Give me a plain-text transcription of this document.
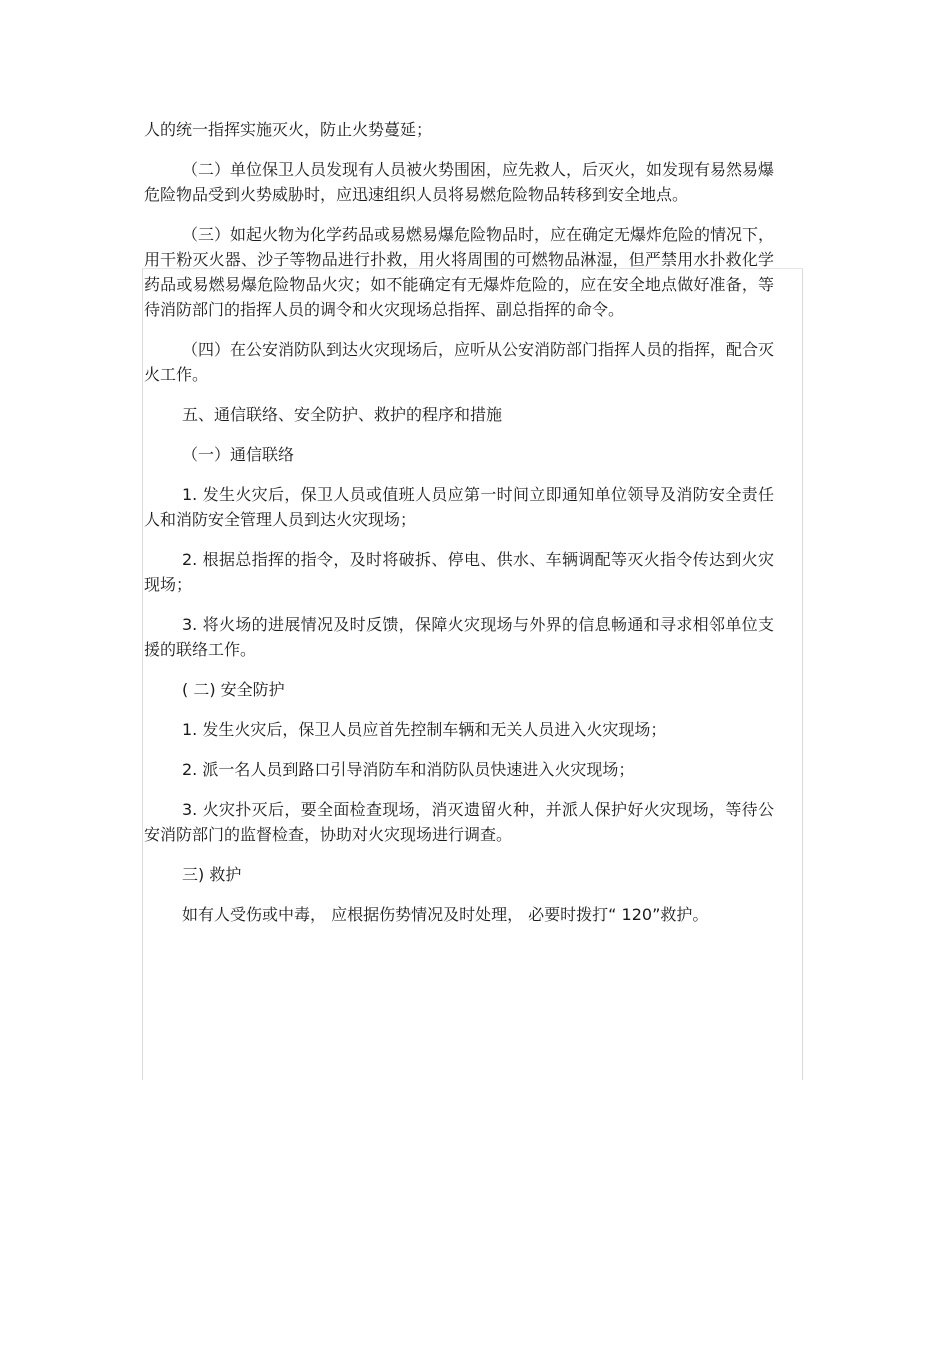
人的统一指挥实施灭火，防止火势蔓延；

（二）单位保卫人员发现有人员被火势围困，应先救人，后灭火，如发现有易然易爆危险物品受到火势威胁时，应迅速组织人员将易燃危险物品转移到安全地点。

（三）如起火物为化学药品或易燃易爆危险物品时，应在确定无爆炸危险的情况下，用干粉灭火器、沙子等物品进行扑救，用火将周围的可燃物品淋湿，但严禁用水扑救化学药品或易燃易爆危险物品火灾；如不能确定有无爆炸危险的，应在安全地点做好准备，等待消防部门的指挥人员的调令和火灾现场总指挥、副总指挥的命令。

（四）在公安消防队到达火灾现场后，应听从公安消防部门指挥人员的指挥，配合灭火工作。

五、通信联络、安全防护、救护的程序和措施

（一）通信联络

1. 发生火灾后，保卫人员或值班人员应第一时间立即通知单位领导及消防安全责任人和消防安全管理人员到达火灾现场；

2. 根据总指挥的指令，及时将破拆、停电、供水、车辆调配等灭火指令传达到火灾现场；

3. 将火场的进展情况及时反馈，保障火灾现场与外界的信息畅通和寻求相邻单位支援的联络工作。

( 二) 安全防护

1. 发生火灾后，保卫人员应首先控制车辆和无关人员进入火灾现场；

2. 派一名人员到路口引导消防车和消防队员快速进入火灾现场；

3. 火灾扑灭后，要全面检查现场，消灭遗留火种，并派人保护好火灾现场，等待公安消防部门的监督检查，协助对火灾现场进行调查。

三) 救护

如有人受伤或中毒， 应根据伤势情况及时处理， 必要时拨打“ 120”救护。
